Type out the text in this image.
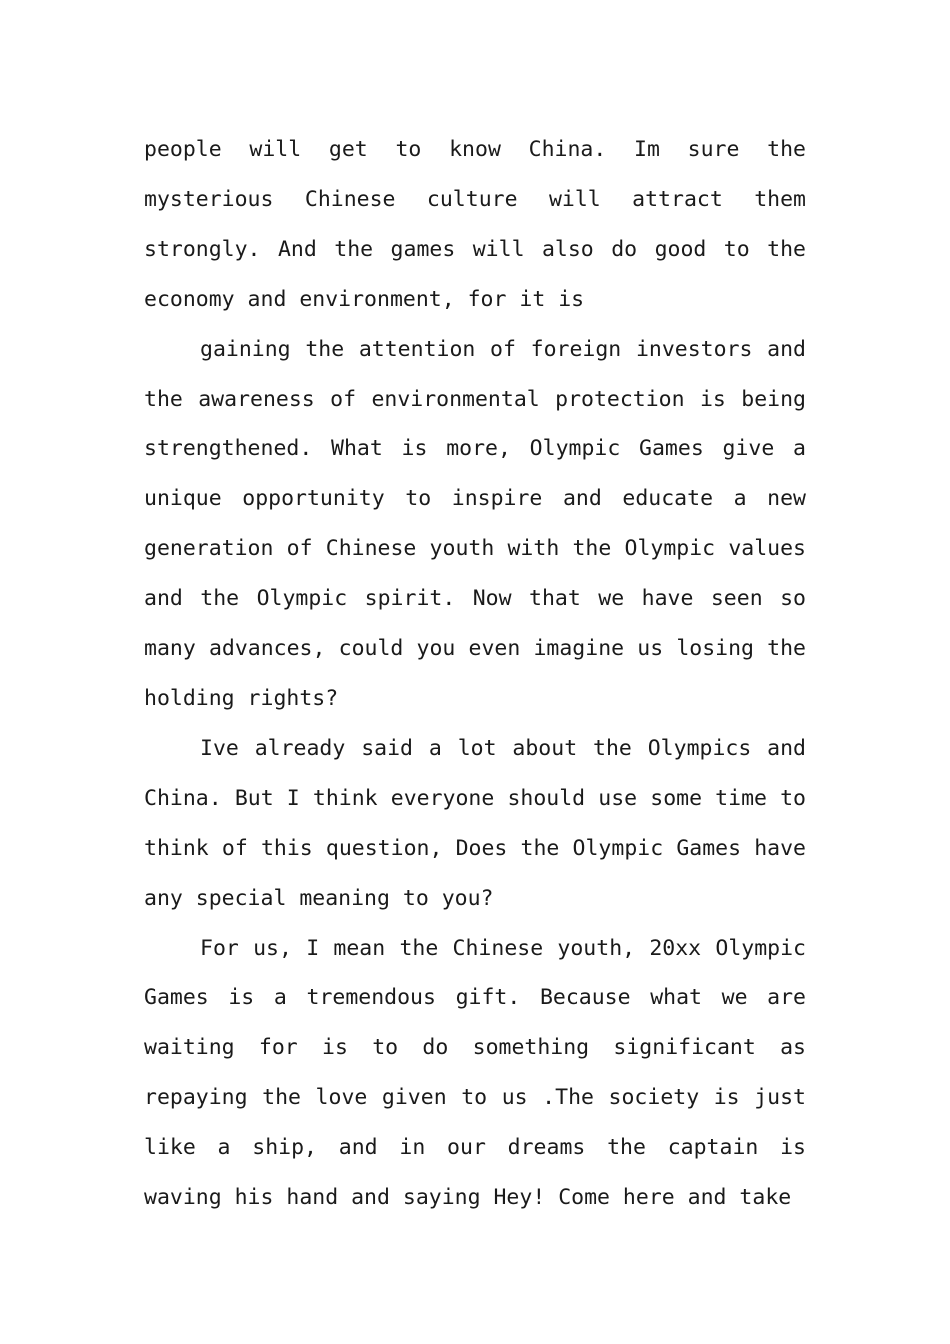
people will get to know China. Im sure the mysterious Chinese culture will attract them strongly. And the games will also do good to the economy and environment, for it is

gaining the attention of foreign investors and the awareness of environmental protection is being strengthened. What is more, Olympic Games give a unique opportunity to inspire and educate a new generation of Chinese youth with the Olympic values and the Olympic spirit. Now that we have seen so many advances, could you even imagine us losing the holding rights?

Ive already said a lot about the Olympics and China. But I think everyone should use some time to think of this question, Does the Olympic Games have any special meaning to you?

For us, I mean the Chinese youth, 20xx Olympic Games is a tremendous gift. Because what we are waiting for is to do something significant as repaying the love given to us .The society is just like a ship, and in our dreams the captain is waving his hand and saying Hey! Come here and take
